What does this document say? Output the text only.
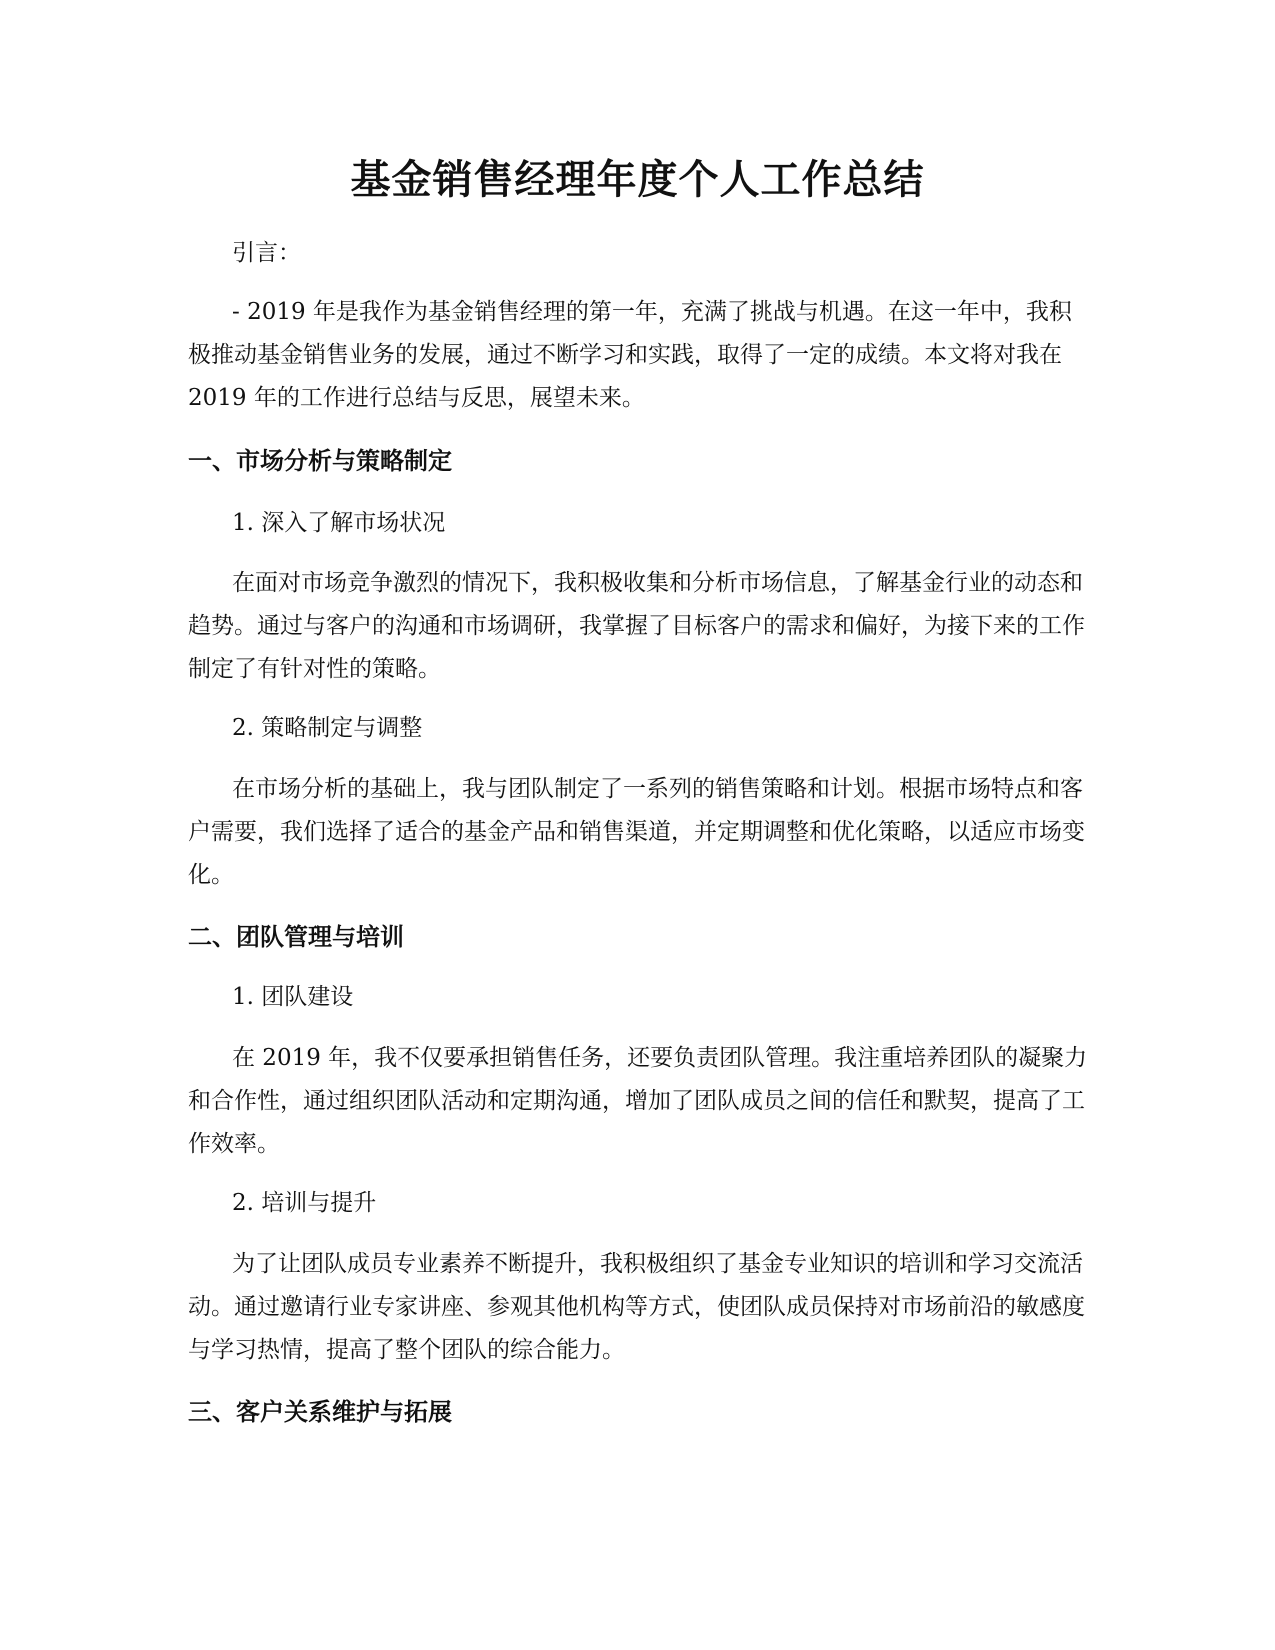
基金销售经理年度个人工作总结

引言：

- 2019 年是我作为基金销售经理的第一年，充满了挑战与机遇。在这一年中，我积极推动基金销售业务的发展，通过不断学习和实践，取得了一定的成绩。本文将对我在 2019 年的工作进行总结与反思，展望未来。

一、市场分析与策略制定

1. 深入了解市场状况

在面对市场竞争激烈的情况下，我积极收集和分析市场信息，了解基金行业的动态和趋势。通过与客户的沟通和市场调研，我掌握了目标客户的需求和偏好，为接下来的工作制定了有针对性的策略。

2. 策略制定与调整

在市场分析的基础上，我与团队制定了一系列的销售策略和计划。根据市场特点和客户需要，我们选择了适合的基金产品和销售渠道，并定期调整和优化策略，以适应市场变化。

二、团队管理与培训

1. 团队建设

在 2019 年，我不仅要承担销售任务，还要负责团队管理。我注重培养团队的凝聚力和合作性，通过组织团队活动和定期沟通，增加了团队成员之间的信任和默契，提高了工作效率。

2. 培训与提升

为了让团队成员专业素养不断提升，我积极组织了基金专业知识的培训和学习交流活动。通过邀请行业专家讲座、参观其他机构等方式，使团队成员保持对市场前沿的敏感度与学习热情，提高了整个团队的综合能力。

三、客户关系维护与拓展
